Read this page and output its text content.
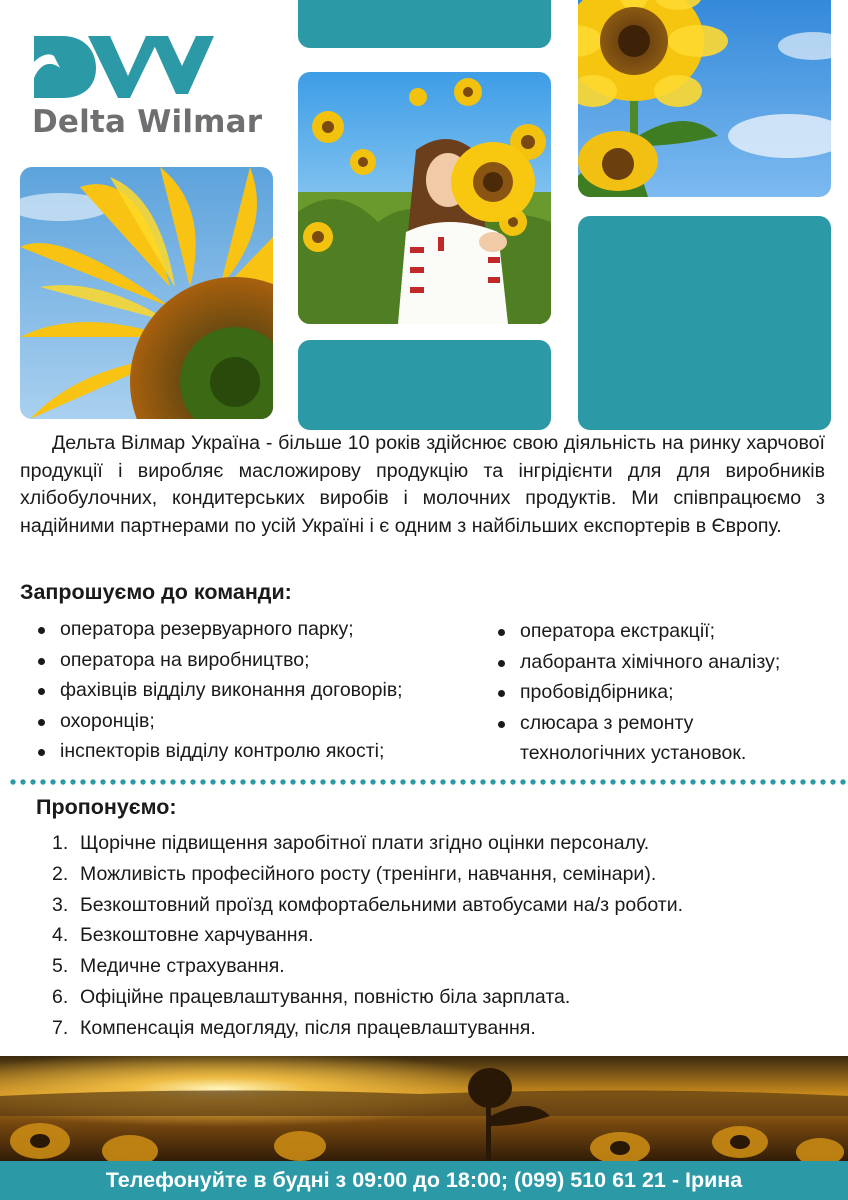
Delta Wilmar

Дельта Вілмар Україна - більше 10 років здійснює свою діяльність на ринку харчової продукції і виробляє масложирову продукцію та інгрідієнти для для виробників хлібобулочних, кондитерських виробів і молочних продуктів. Ми співпрацюємо з надійними партнерами по усій Україні і є одним з найбільших експортерів в Європу.

Запрошуємо до команди:
оператора резервуарного парку;
оператора на виробництво;
фахівців відділу виконання договорів;
охоронців;
інспекторів відділу контролю якості;
оператора екстракції;
лаборанта хімічного аналізу;
пробовідбірника;
слюсара з ремонту технологічних установок.
Пропонуємо:
1. Щорічне підвищення заробітної плати згідно оцінки персоналу.
2. Можливість професійного росту (тренінги, навчання, семінари).
3. Безкоштовний проїзд комфортабельними автобусами на/з роботи.
4. Безкоштовне харчування.
5. Медичне страхування.
6. Офіційне працевлаштування, повністю біла зарплата.
7. Компенсація медогляду, після працевлаштування.
Телефонуйте в будні з 09:00 до 18:00; (099) 510 61 21 - Ірина
